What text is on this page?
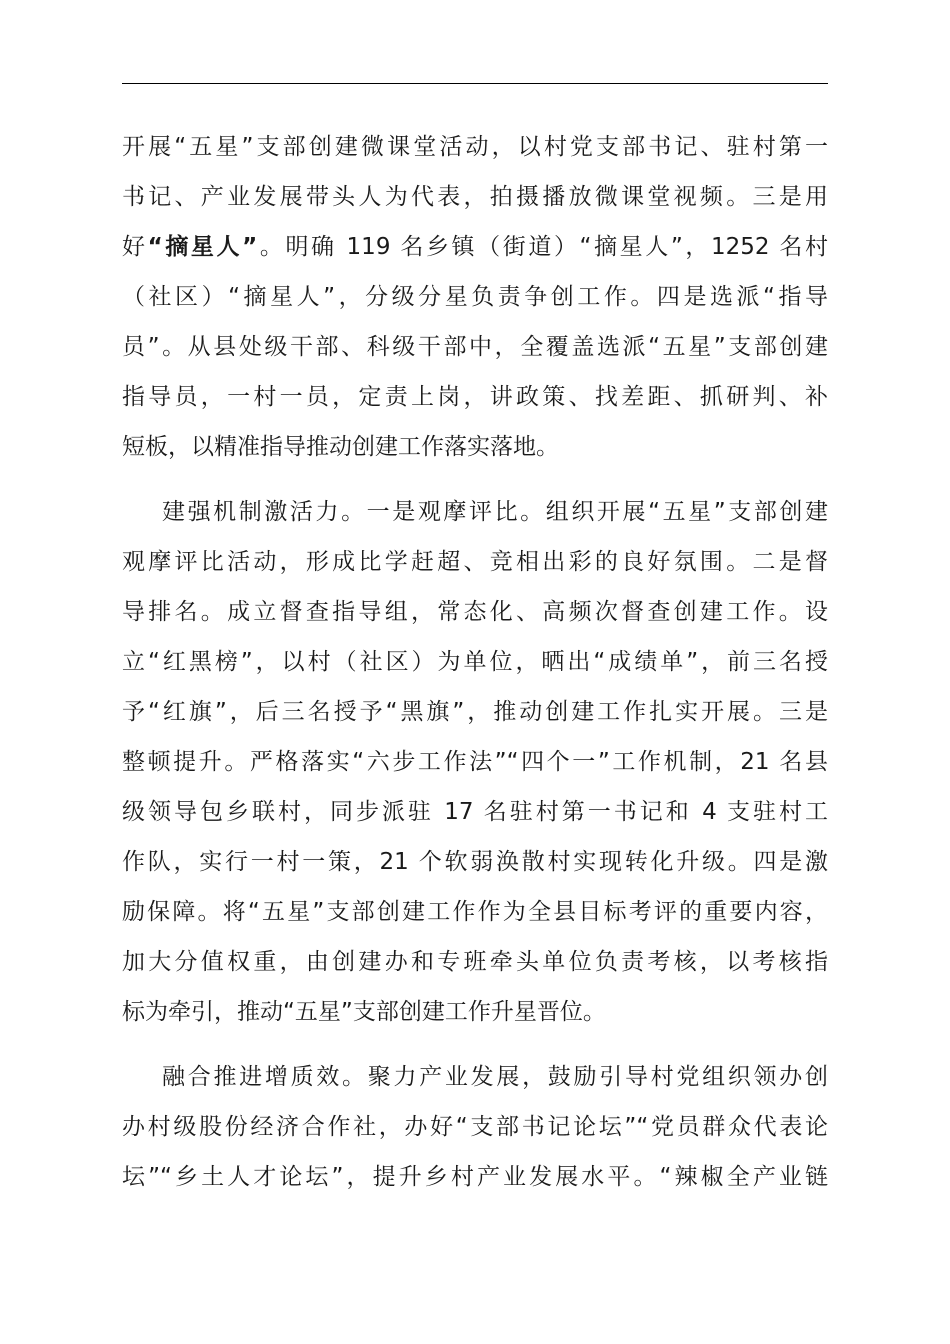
开展“五星”支部创建微课堂活动，以村党支部书记、驻村第一
书记、产业发展带头人为代表，拍摄播放微课堂视频。三是用
好“摘星人”。明确 119 名乡镇（街道）“摘星人”，1252 名村
（社区）“摘星人”，分级分星负责争创工作。四是选派“指导
员”。从县处级干部、科级干部中，全覆盖选派“五星”支部创建
指导员，一村一员，定责上岗，讲政策、找差距、抓研判、补
短板，以精准指导推动创建工作落实落地。
建强机制激活力。一是观摩评比。组织开展“五星”支部创建
观摩评比活动，形成比学赶超、竞相出彩的良好氛围。二是督
导排名。成立督查指导组，常态化、高频次督查创建工作。设
立“红黑榜”，以村（社区）为单位，晒出“成绩单”，前三名授
予“红旗”，后三名授予“黑旗”，推动创建工作扎实开展。三是
整顿提升。严格落实“六步工作法”“四个一”工作机制，21 名县
级领导包乡联村，同步派驻 17 名驻村第一书记和 4 支驻村工
作队，实行一村一策，21 个软弱涣散村实现转化升级。四是激
励保障。将“五星”支部创建工作作为全县目标考评的重要内容，
加大分值权重，由创建办和专班牵头单位负责考核，以考核指
标为牵引，推动“五星”支部创建工作升星晋位。
融合推进增质效。聚力产业发展，鼓励引导村党组织领办创
办村级股份经济合作社，办好“支部书记论坛”“党员群众代表论
坛”“乡土人才论坛”，提升乡村产业发展水平。“辣椒全产业链
